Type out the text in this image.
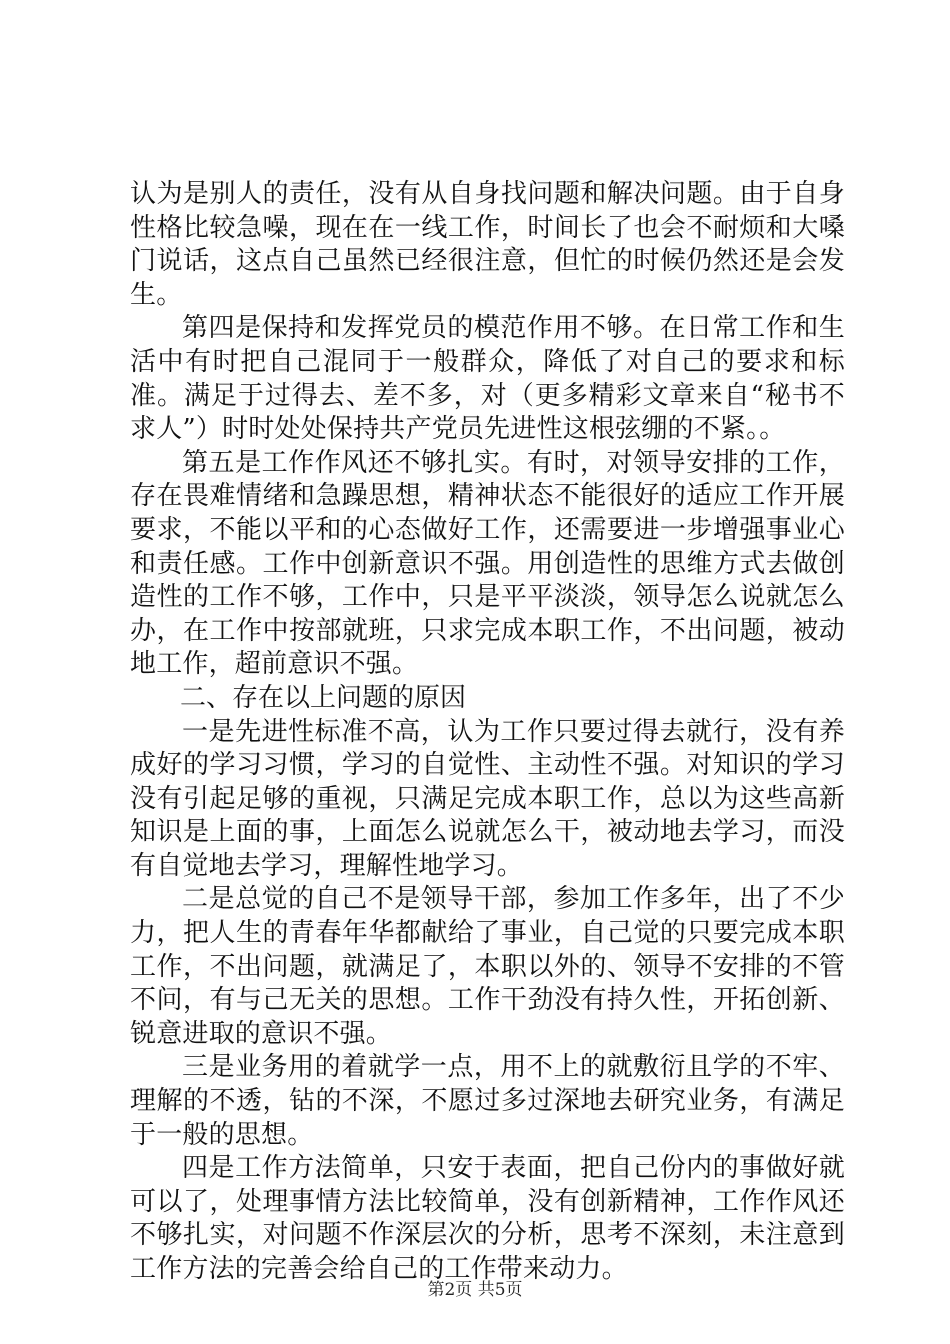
认为是别人的责任，没有从自身找问题和解决问题。由于自身性格比较急噪，现在在一线工作，时间长了也会不耐烦和大嗓门说话，这点自己虽然已经很注意，但忙的时候仍然还是会发生。

第四是保持和发挥党员的模范作用不够。在日常工作和生活中有时把自己混同于一般群众，降低了对自己的要求和标准。满足于过得去、差不多，对（更多精彩文章来自“秘书不求人”）时时处处保持共产党员先进性这根弦绷的不紧。。

第五是工作作风还不够扎实。有时，对领导安排的工作，存在畏难情绪和急躁思想，精神状态不能很好的适应工作开展要求，不能以平和的心态做好工作，还需要进一步增强事业心和责任感。工作中创新意识不强。用创造性的思维方式去做创造性的工作不够，工作中，只是平平淡淡，领导怎么说就怎么办，在工作中按部就班，只求完成本职工作，不出问题，被动地工作，超前意识不强。

二、存在以上问题的原因

一是先进性标准不高，认为工作只要过得去就行，没有养成好的学习习惯，学习的自觉性、主动性不强。对知识的学习没有引起足够的重视，只满足完成本职工作，总以为这些高新知识是上面的事，上面怎么说就怎么干，被动地去学习，而没有自觉地去学习，理解性地学习。

二是总觉的自己不是领导干部，参加工作多年，出了不少力，把人生的青春年华都献给了事业，自己觉的只要完成本职工作，不出问题，就满足了，本职以外的、领导不安排的不管不问，有与己无关的思想。工作干劲没有持久性，开拓创新、锐意进取的意识不强。

三是业务用的着就学一点，用不上的就敷衍且学的不牢、理解的不透，钻的不深，不愿过多过深地去研究业务，有满足于一般的思想。

四是工作方法简单，只安于表面，把自己份内的事做好就可以了，处理事情方法比较简单，没有创新精神，工作作风还不够扎实，对问题不作深层次的分析，思考不深刻，未注意到工作方法的完善会给自己的工作带来动力。

第2页 共5页
